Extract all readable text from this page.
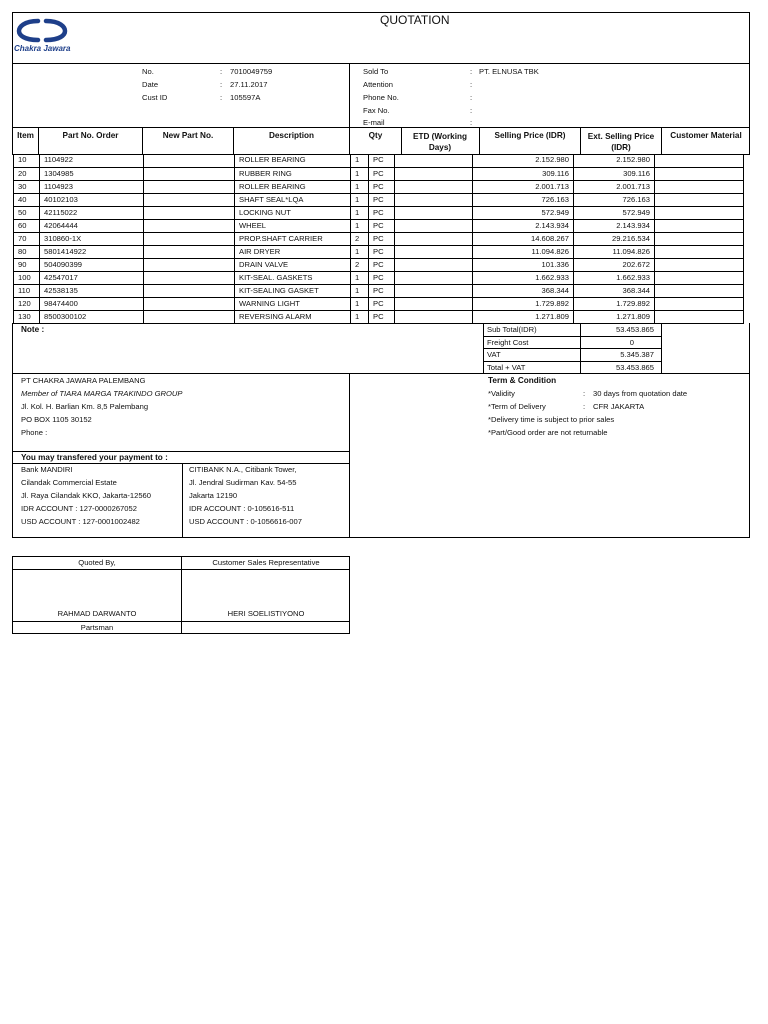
Chakra Jawara
QUOTATION
No.	: 7010049759
Date	: 27.11.2017
Cust ID	: 105597A
Sold To	: PT. ELNUSA TBK
Attention	:
Phone No.	:
Fax No.	:
E-mail	:
Item	Part No. Order	New Part No.	Description	Qty	ETD (Working Days)
Selling Price (IDR)	Ext. Selling Price (IDR)
Customer Material
10	1104922		ROLLER BEARING	1	PC		2.152.980	2.152.980	
20	1304985		RUBBER RING	1	PC		309.116	309.116	
30	1104923		ROLLER BEARING	1	PC		2.001.713	2.001.713	
40	40102103		SHAFT SEAL*LQA	1	PC		726.163	726.163	
50	42115022		LOCKING NUT	1	PC		572.949	572.949	
60	42064444		WHEEL	1	PC		2.143.934	2.143.934	
70	310860-1X		PROP.SHAFT CARRIER	2	PC		14.608.267	29.216.534	
80	5801414922		AIR DRYER	1	PC		11.094.826	11.094.826	
90	504090399		DRAIN VALVE	2	PC		101.336	202.672	
100	42547017		KIT-SEAL. GASKETS	1	PC		1.662.933	1.662.933	
110	42538135		KIT-SEALING GASKET	1	PC		368.344	368.344	
120	98474400		WARNING LIGHT	1	PC		1.729.892	1.729.892	
130	8500300102		REVERSING ALARM	1	PC		1.271.809	1.271.809	
Note :	Sub Total(IDR)	53.453.865
Freight Cost	0
VAT	5.345.387
Total + VAT	53.453.865
PT CHAKRA JAWARA PALEMBANG
Member of TIARA MARGA TRAKINDO GROUP
Jl. Kol. H. Barlian Km. 8,5 Palembang
PO BOX 1105 30152
Phone :
Term & Condition
*Validity	: 30 days from quotation date
*Term of Delivery	: CFR JAKARTA
*Delivery time is subject to prior sales
*Part/Good order are not returnable
You may transfered your payment to :
Bank MANDIRI
Cilandak Commercial Estate
Jl. Raya Cilandak KKO, Jakarta-12560
IDR ACCOUNT : 127-0000267052
USD ACCOUNT : 127-0001002482
CITIBANK N.A., Citibank Tower,
Jl. Jendral Sudirman Kav. 54-55
Jakarta 12190
IDR ACCOUNT : 0-105616-511
USD ACCOUNT : 0-1056616-007
Quoted By,	Customer Sales Representative
RAHMAD DARWANTO	HERI SOELISTIYONO
Partsman
